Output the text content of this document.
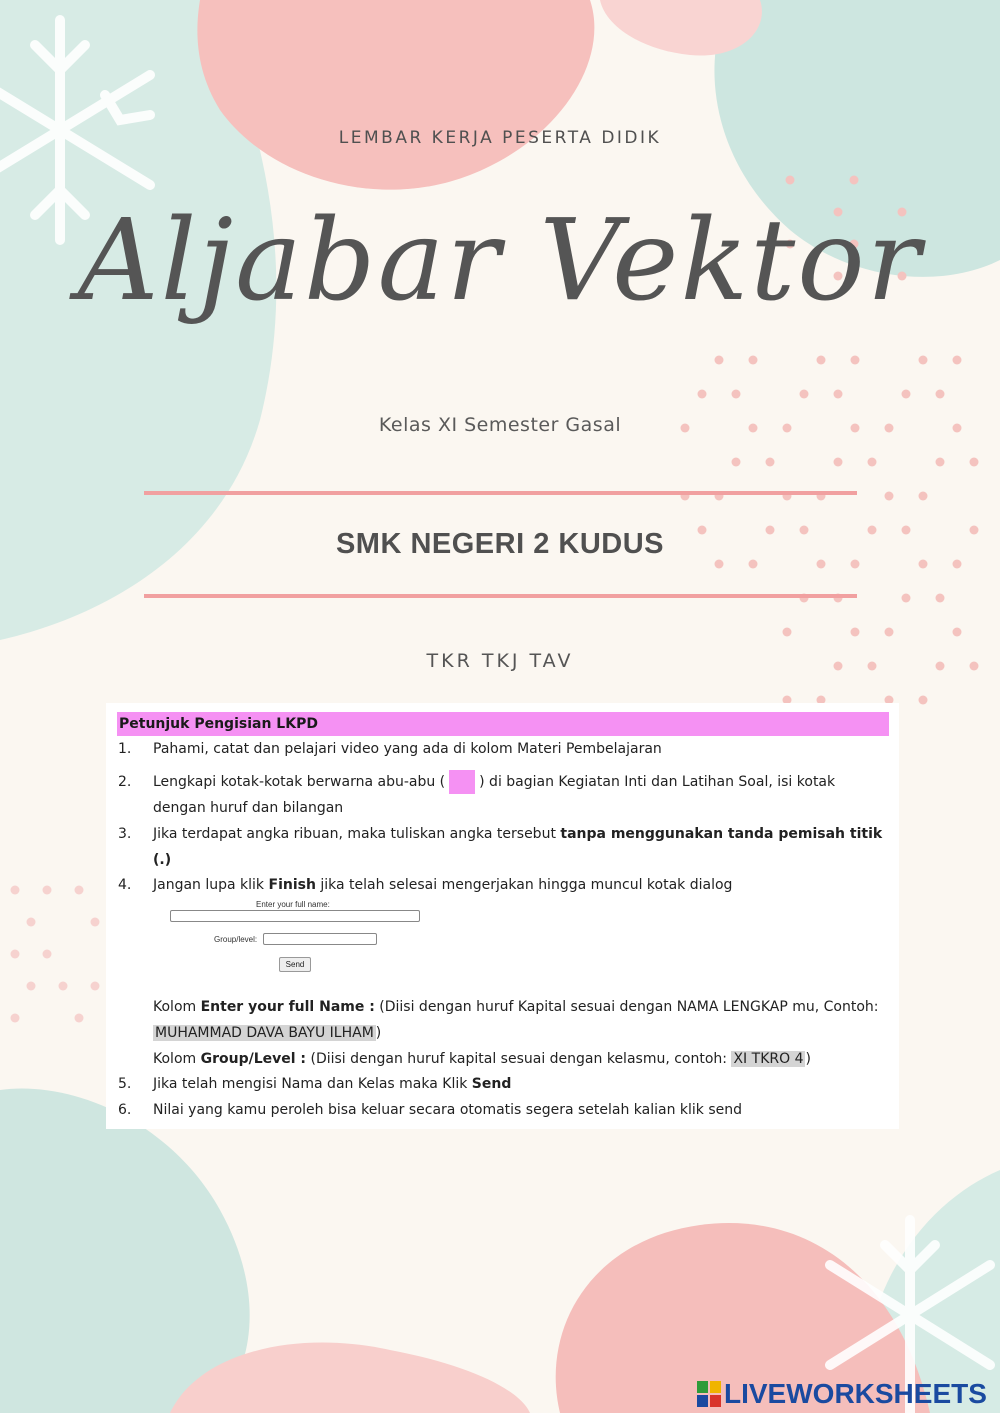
LEMBAR KERJA PESERTA DIDIK
Aljabar Vektor
Kelas XI Semester Gasal
SMK NEGERI 2 KUDUS
TKR TKJ TAV
Petunjuk Pengisian LKPD
1.	Pahami, catat dan pelajari video yang ada di kolom Materi Pembelajaran
2.	Lengkapi kotak-kotak berwarna abu-abu ( ) di bagian Kegiatan Inti dan Latihan Soal, isi kotak dengan huruf dan bilangan
3.	Jika terdapat angka ribuan, maka tuliskan angka tersebut tanpa menggunakan tanda pemisah titik (.)
4.	Jangan lupa klik Finish jika telah selesai mengerjakan hingga muncul kotak dialog
Enter your full name:
Group/level:
Send
Kolom Enter your full Name : (Diisi dengan huruf Kapital sesuai dengan NAMA LENGKAP mu, Contoh: MUHAMMAD DAVA BAYU ILHAM )
Kolom Group/Level : (Diisi dengan huruf kapital sesuai dengan kelasmu, contoh: XI TKRO 4 )
5.	Jika telah mengisi Nama dan Kelas maka Klik Send
6.	Nilai yang kamu peroleh bisa keluar secara otomatis segera setelah kalian klik send
LIVEWORKSHEETS
